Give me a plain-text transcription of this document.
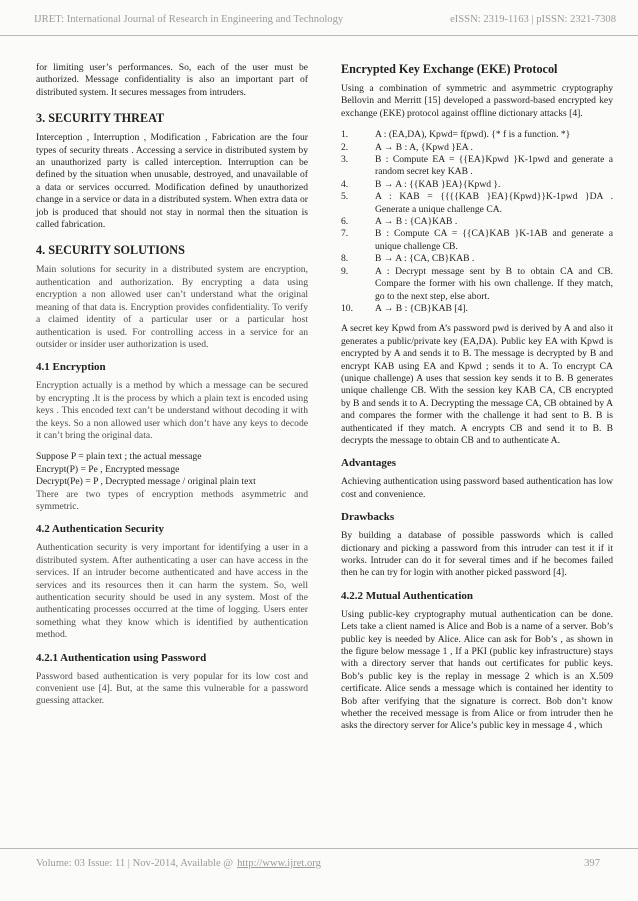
IJRET: International Journal of Research in Engineering and Technology	eISSN: 2319-1163 | pISSN: 2321-7308

for limiting user’s performances. So, each of the user must be authorized. Message confidentiality is also an important part of distributed system. It secures messages from intruders.

3. SECURITY THREAT

Interception , Interruption , Modification , Fabrication are the four types of security threats . Accessing a service in distributed system by an unauthorized party is called interception. Interruption can be defined by the situation when unusable, destroyed, and unavailable of a data or services occurred. Modification defined by unauthorized change in a service or data in a distributed system. When extra data or job is produced that should not stay in normal then the situation is called fabrication.

4. SECURITY SOLUTIONS

Main solutions for security in a distributed system are encryption, authentication and authorization. By encrypting a data using encryption a non allowed user can’t understand what the original meaning of that data is. Encryption provides confidentiality. To verify a claimed identity of a particular user or a particular host authentication is used. For controlling access in a service for an outsider or insider user authorization is used.

4.1 Encryption

Encryption actually is a method by which a message can be secured by encrypting .It is the process by which a plain text is encoded using keys . This encoded text can’t be understand without decoding it with the keys. So a non allowed user which don’t have any keys to decode it can’t bring the original data.

Suppose P = plain text ; the actual message
Encrypt(P) = Pe , Encrypted message
Decrypt(Pe) = P , Decrypted message / original plain text

There are two types of encryption methods asymmetric and symmetric.

4.2 Authentication Security

Authentication security is very important for identifying a user in a distributed system. After authenticating a user can have access in the services. If an intruder become authenticated and have access in the services and its resources then it can harm the system. So, well authentication security should be used in any system. Most of the authenticating processes occurred at the time of logging. Users enter something what they know which is identified by authentication method.

4.2.1 Authentication using Password

Password based authentication is very popular for its low cost and convenient use [4]. But, at the same this vulnerable for a password guessing attacker.

Encrypted Key Exchange (EKE) Protocol

Using a combination of symmetric and asymmetric cryptography Bellovin and Merritt [15] developed a password-based encrypted key exchange (EKE) protocol against offline dictionary attacks [4].

1.	A : (EA,DA), Kpwd= f(pwd). {* f is a function. *}
2.	A → B : A, {Kpwd }EA .
3.	B : Compute EA = {{EA}Kpwd }K-1pwd and generate a random secret key KAB .
4.	B → A : {{KAB }EA}{Kpwd }.
5.	A : KAB = {{{{KAB }EA}{Kpwd}}K-1pwd }DA . Generate a unique challenge CA.
6.	A → B : {CA}KAB .
7.	B : Compute CA = {{CA}KAB }K-1AB and generate a unique challenge CB.
8.	B → A : {CA, CB}KAB .
9.	A : Decrypt message sent by B to obtain CA and CB. Compare the former with his own challenge. If they match, go to the next step, else abort.
10.	A → B : {CB}KAB [4].

A secret key Kpwd from A’s password pwd is derived by A and also it generates a public/private key (EA,DA). Public key EA with Kpwd is encrypted by A and sends it to B. The message is decrypted by B and encrypt KAB using EA and Kpwd ; sends it to A. To encrypt CA (unique challenge) A uses that session key sends it to B. B generates unique challenge CB. With the session key KAB CA, CB encrypted by B and sends it to A. Decrypting the message CA, CB obtained by A and compares the former with the challenge it had sent to B. B is authenticated if they match. A encrypts CB and send it to B. B decrypts the message to obtain CB and to authenticate A.

Advantages

Achieving authentication using password based authentication has low cost and convenience.

Drawbacks

By building a database of possible passwords which is called dictionary and picking a password from this intruder can test it if it works. Intruder can do it for several times and if he becomes failed then he can try for login with another picked password [4].

4.2.2 Mutual Authentication

Using public-key cryptography mutual authentication can be done. Lets take a client named is Alice and Bob is a name of a server. Bob’s public key is needed by Alice. Alice can ask for Bob’s , as shown in the figure below message 1 , If a PKI (public key infrastructure) stays with a directory server that hands out certificates for public keys. Bob’s public key is the replay in message 2 which is an X.509 certificate. Alice sends a message which is contained her identity to Bob after verifying that the signature is correct. Bob don’t know whether the received message is from Alice or from intruder then he asks the directory server for Alice’s public key in message 4 , which

Volume: 03 Issue: 11 | Nov-2014, Available @ http://www.ijret.org	397
